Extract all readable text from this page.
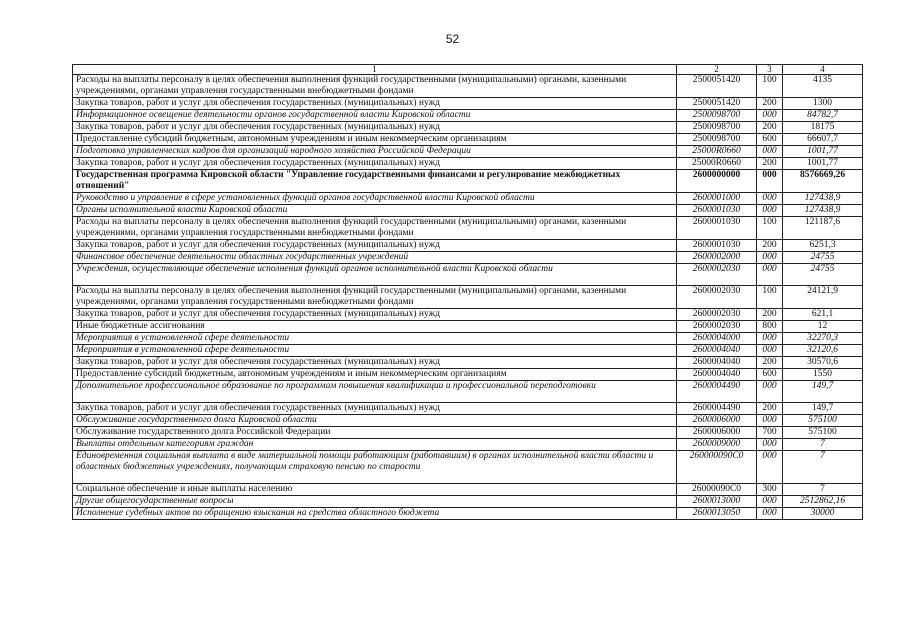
52
1	2	3	4
Расходы на выплаты персоналу в целях обеспечения выполнения функций государственными (муниципальными) органами, казенными учреждениями, органами управления государственными внебюджетными фондами	2500051420	100	4135
Закупка товаров, работ и услуг для обеспечения государственных (муниципальных) нужд	2500051420	200	1300
Информационное освещение деятельности органов государственной власти Кировской области	2500098700	000	84782,7
Закупка товаров, работ и услуг для обеспечения государственных (муниципальных) нужд	2500098700	200	18175
Предоставление субсидий бюджетным, автономным учреждениям и иным некоммерческим организациям	2500098700	600	66607,7
Подготовка управленческих кадров для организаций народного хозяйства Российской Федерации	25000R0660	000	1001,77
Закупка товаров, работ и услуг для обеспечения государственных (муниципальных) нужд	25000R0660	200	1001,77
Государственная программа Кировской области "Управление государственными финансами и регулирование межбюджетных отношений"	2600000000	000	8576669,26
Руководство и управление в сфере установленных функций органов государственной власти Кировской области	2600001000	000	127438,9
Органы исполнительной власти Кировской области	2600001030	000	127438,9
Расходы на выплаты персоналу в целях обеспечения выполнения функций государственными (муниципальными) органами, казенными учреждениями, органами управления государственными внебюджетными фондами	2600001030	100	121187,6
Закупка товаров, работ и услуг для обеспечения государственных (муниципальных) нужд	2600001030	200	6251,3
Финансовое обеспечение деятельности областных государственных учреждений	2600002000	000	24755
Учреждения, осуществляющие обеспечение исполнения функций органов исполнительной власти Кировской области	2600002030	000	24755
Расходы на выплаты персоналу в целях обеспечения выполнения функций государственными (муниципальными) органами, казенными учреждениями, органами управления государственными внебюджетными фондами	2600002030	100	24121,9
Закупка товаров, работ и услуг для обеспечения государственных (муниципальных) нужд	2600002030	200	621,1
Иные бюджетные ассигнования	2600002030	800	12
Мероприятия в установленной сфере деятельности	2600004000	000	32270,3
Мероприятия в установленной сфере деятельности	2600004040	000	32120,6
Закупка товаров, работ и услуг для обеспечения государственных (муниципальных) нужд	2600004040	200	30570,6
Предоставление субсидий бюджетным, автономным учреждениям и иным некоммерческим организациям	2600004040	600	1550
Дополнительное профессиональное образование по программам повышения квалификации и профессиональной переподготовки	2600004490	000	149,7
Закупка товаров, работ и услуг для обеспечения государственных (муниципальных) нужд	2600004490	200	149,7
Обслуживание государственного долга Кировской области	2600006000	000	575100
Обслуживание государственного долга Российской Федерации	2600006000	700	575100
Выплаты отдельным категориям граждан	2600009000	000	7
Единовременная социальная выплата в виде материальной помощи работающим (работавшим) в органах исполнительной власти области и областных бюджетных учреждениях, получающим страховую пенсию по старости	260000090С0	000	7
Социальное обеспечение и иные выплаты населению	26000090С0	300	7
Другие общегосударственные вопросы	2600013000	000	2512862,16
Исполнение судебных актов по обращению взыскания на средства областного бюджета	2600013050	000	30000
